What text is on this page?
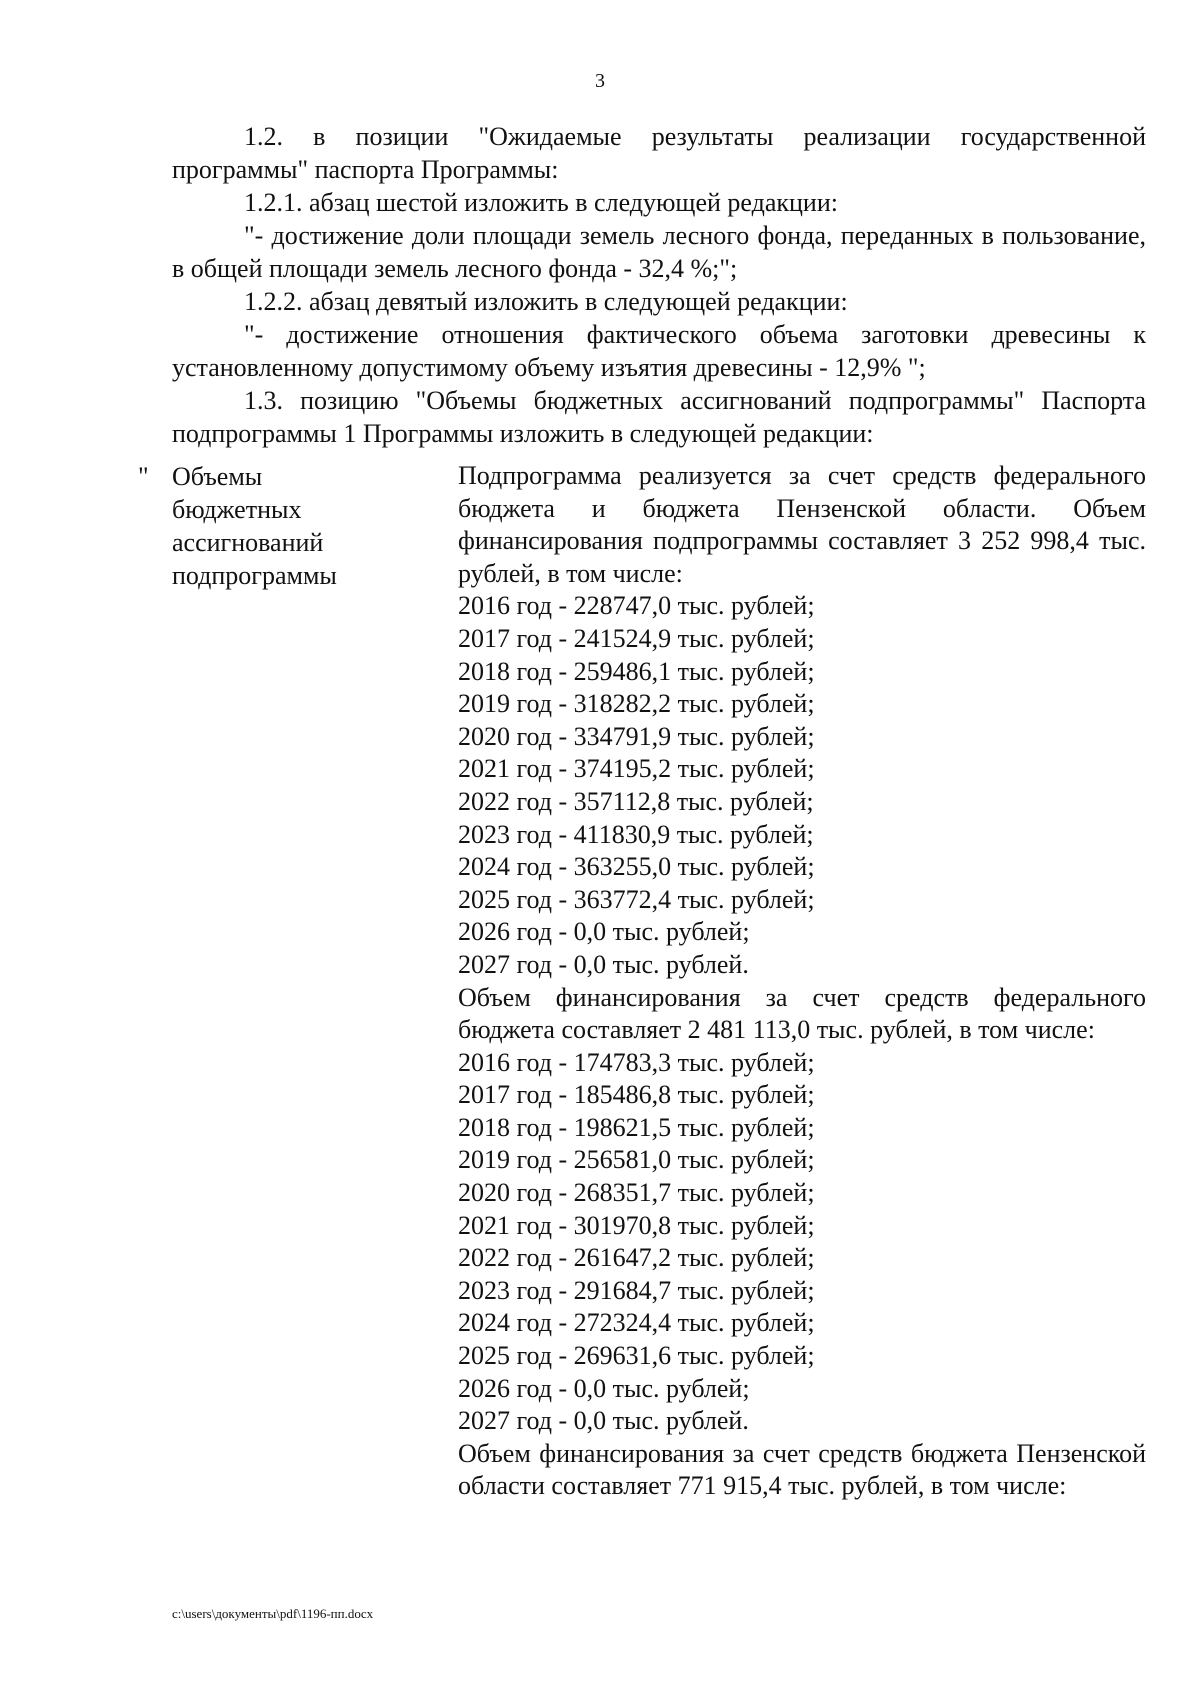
3

1.2. в позиции "Ожидаемые результаты реализации государственной программы" паспорта Программы:

1.2.1. абзац шестой изложить в следующей редакции:

"- достижение доли площади земель лесного фонда, переданных в пользование, в общей площади земель лесного фонда - 32,4 %;";

1.2.2. абзац девятый изложить в следующей редакции:

"- достижение отношения фактического объема заготовки древесины к установленному допустимому объему изъятия древесины - 12,9% ";

1.3. позицию "Объемы бюджетных ассигнований подпрограммы" Паспорта подпрограммы 1 Программы изложить в следующей редакции:

" Объемы
бюджетных
ассигнований
подпрограммы

Подпрограмма реализуется за счет средств федерального бюджета и бюджета Пензенской области. Объем финансирования подпрограммы составляет 3 252 998,4 тыс. рублей, в том числе:

2016 год - 228747,0 тыс. рублей;

2017 год - 241524,9 тыс. рублей;

2018 год - 259486,1 тыс. рублей;

2019 год - 318282,2 тыс. рублей;

2020 год - 334791,9 тыс. рублей;

2021 год - 374195,2 тыс. рублей;

2022 год - 357112,8 тыс. рублей;

2023 год - 411830,9 тыс. рублей;

2024 год - 363255,0 тыс. рублей;

2025 год - 363772,4 тыс. рублей;

2026 год - 0,0 тыс. рублей;

2027 год - 0,0 тыс. рублей.

Объем финансирования за счет средств федерального бюджета составляет 2 481 113,0 тыс. рублей, в том числе:

2016 год - 174783,3 тыс. рублей;

2017 год - 185486,8 тыс. рублей;

2018 год - 198621,5 тыс. рублей;

2019 год - 256581,0 тыс. рублей;

2020 год - 268351,7 тыс. рублей;

2021 год - 301970,8 тыс. рублей;

2022 год - 261647,2 тыс. рублей;

2023 год - 291684,7 тыс. рублей;

2024 год - 272324,4 тыс. рублей;

2025 год - 269631,6 тыс. рублей;

2026 год - 0,0 тыс. рублей;

2027 год - 0,0 тыс. рублей.

Объем финансирования за счет средств бюджета Пензенской области составляет 771 915,4 тыс. рублей, в том числе:

c:\users\документы\pdf\1196-пп.docx
